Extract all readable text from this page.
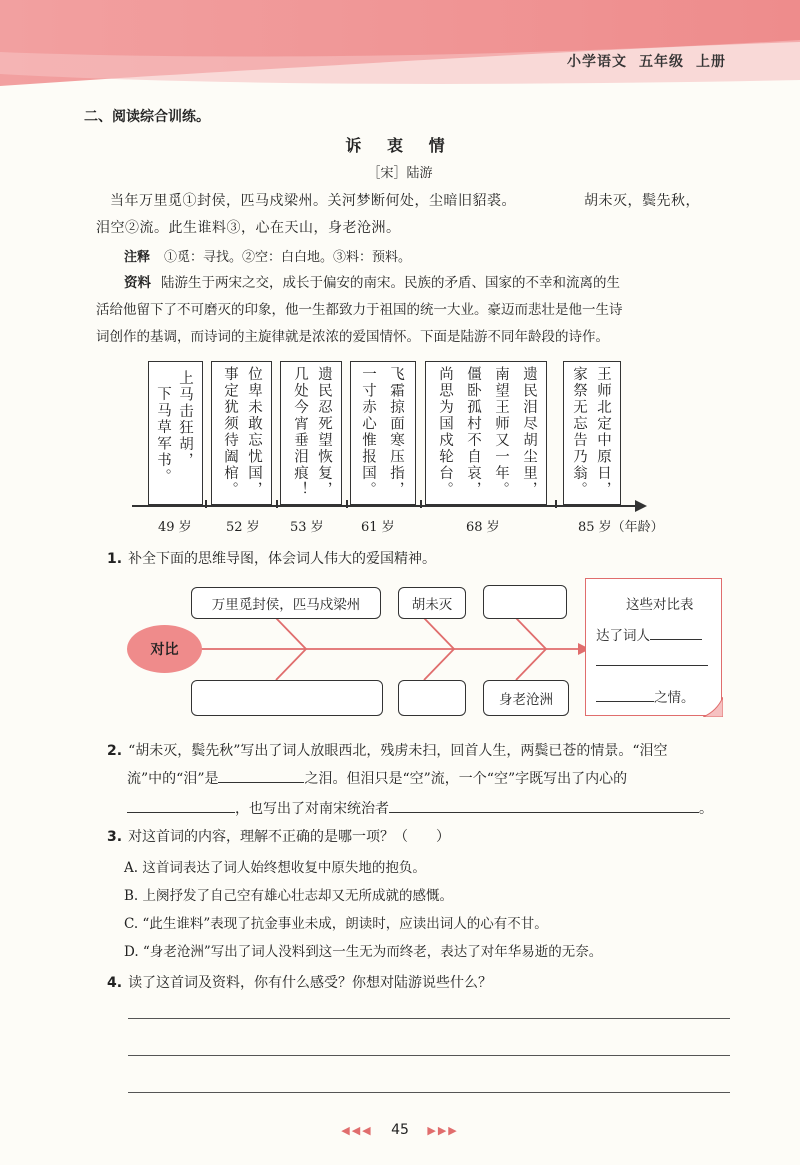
小学语文 五年级 上册
二、阅读综合训练。
诉 衷 情
［宋］陆游
当年万里觅①封侯，匹马戍梁州。关河梦断何处，尘暗旧貂裘。	胡未灭，鬓先秋，
泪空②流。此生谁料③，心在天山，身老沧洲。
注释 ①觅：寻找。②空：白白地。③料：预料。
资料 陆游生于两宋之交，成长于偏安的南宋。民族的矛盾、国家的不幸和流离的生
活给他留下了不可磨灭的印象，他一生都致力于祖国的统一大业。豪迈而悲壮是他一生诗
词创作的基调，而诗词的主旋律就是浓浓的爱国情怀。下面是陆游不同年龄段的诗作。
上马击狂胡，
下马草军书。	位卑未敢忘忧国，
事定犹须待阖棺。	遗民忍死望恢复，
几处今宵垂泪痕！	飞霜掠面寒压指，
一寸赤心惟报国。	遗民泪尽胡尘里，
南望王师又一年。
僵卧孤村不自哀，
尚思为国戍轮台。	王师北定中原日，
家祭无忘告乃翁。
49 岁	52 岁 53 岁	61 岁	68 岁	85 岁（年龄）
1. 补全下面的思维导图，体会词人伟大的爱国精神。
对比
万里觅封侯，匹马戍梁州	胡未灭
身老沧洲
这些对比表
达了词人
之情。
2. “胡未灭，鬓先秋”写出了词人放眼西北，残虏未扫，回首人生，两鬓已苍的情景。“泪空
流”中的“泪”是	之泪。但泪只是“空”流，一个“空”字既写出了内心的
，也写出了对南宋统治者	。
3. 对这首词的内容，理解不正确的是哪一项？（　　）
A. 这首词表达了词人始终想收复中原失地的抱负。
B. 上阕抒发了自己空有雄心壮志却又无所成就的感慨。
C. “此生谁料”表现了抗金事业未成，朗读时，应读出词人的心有不甘。
D. “身老沧洲”写出了词人没料到这一生无为而终老，表达了对年华易逝的无奈。
4. 读了这首词及资料，你有什么感受？你想对陆游说些什么？
◀◀◀ 45 ▶▶▶
